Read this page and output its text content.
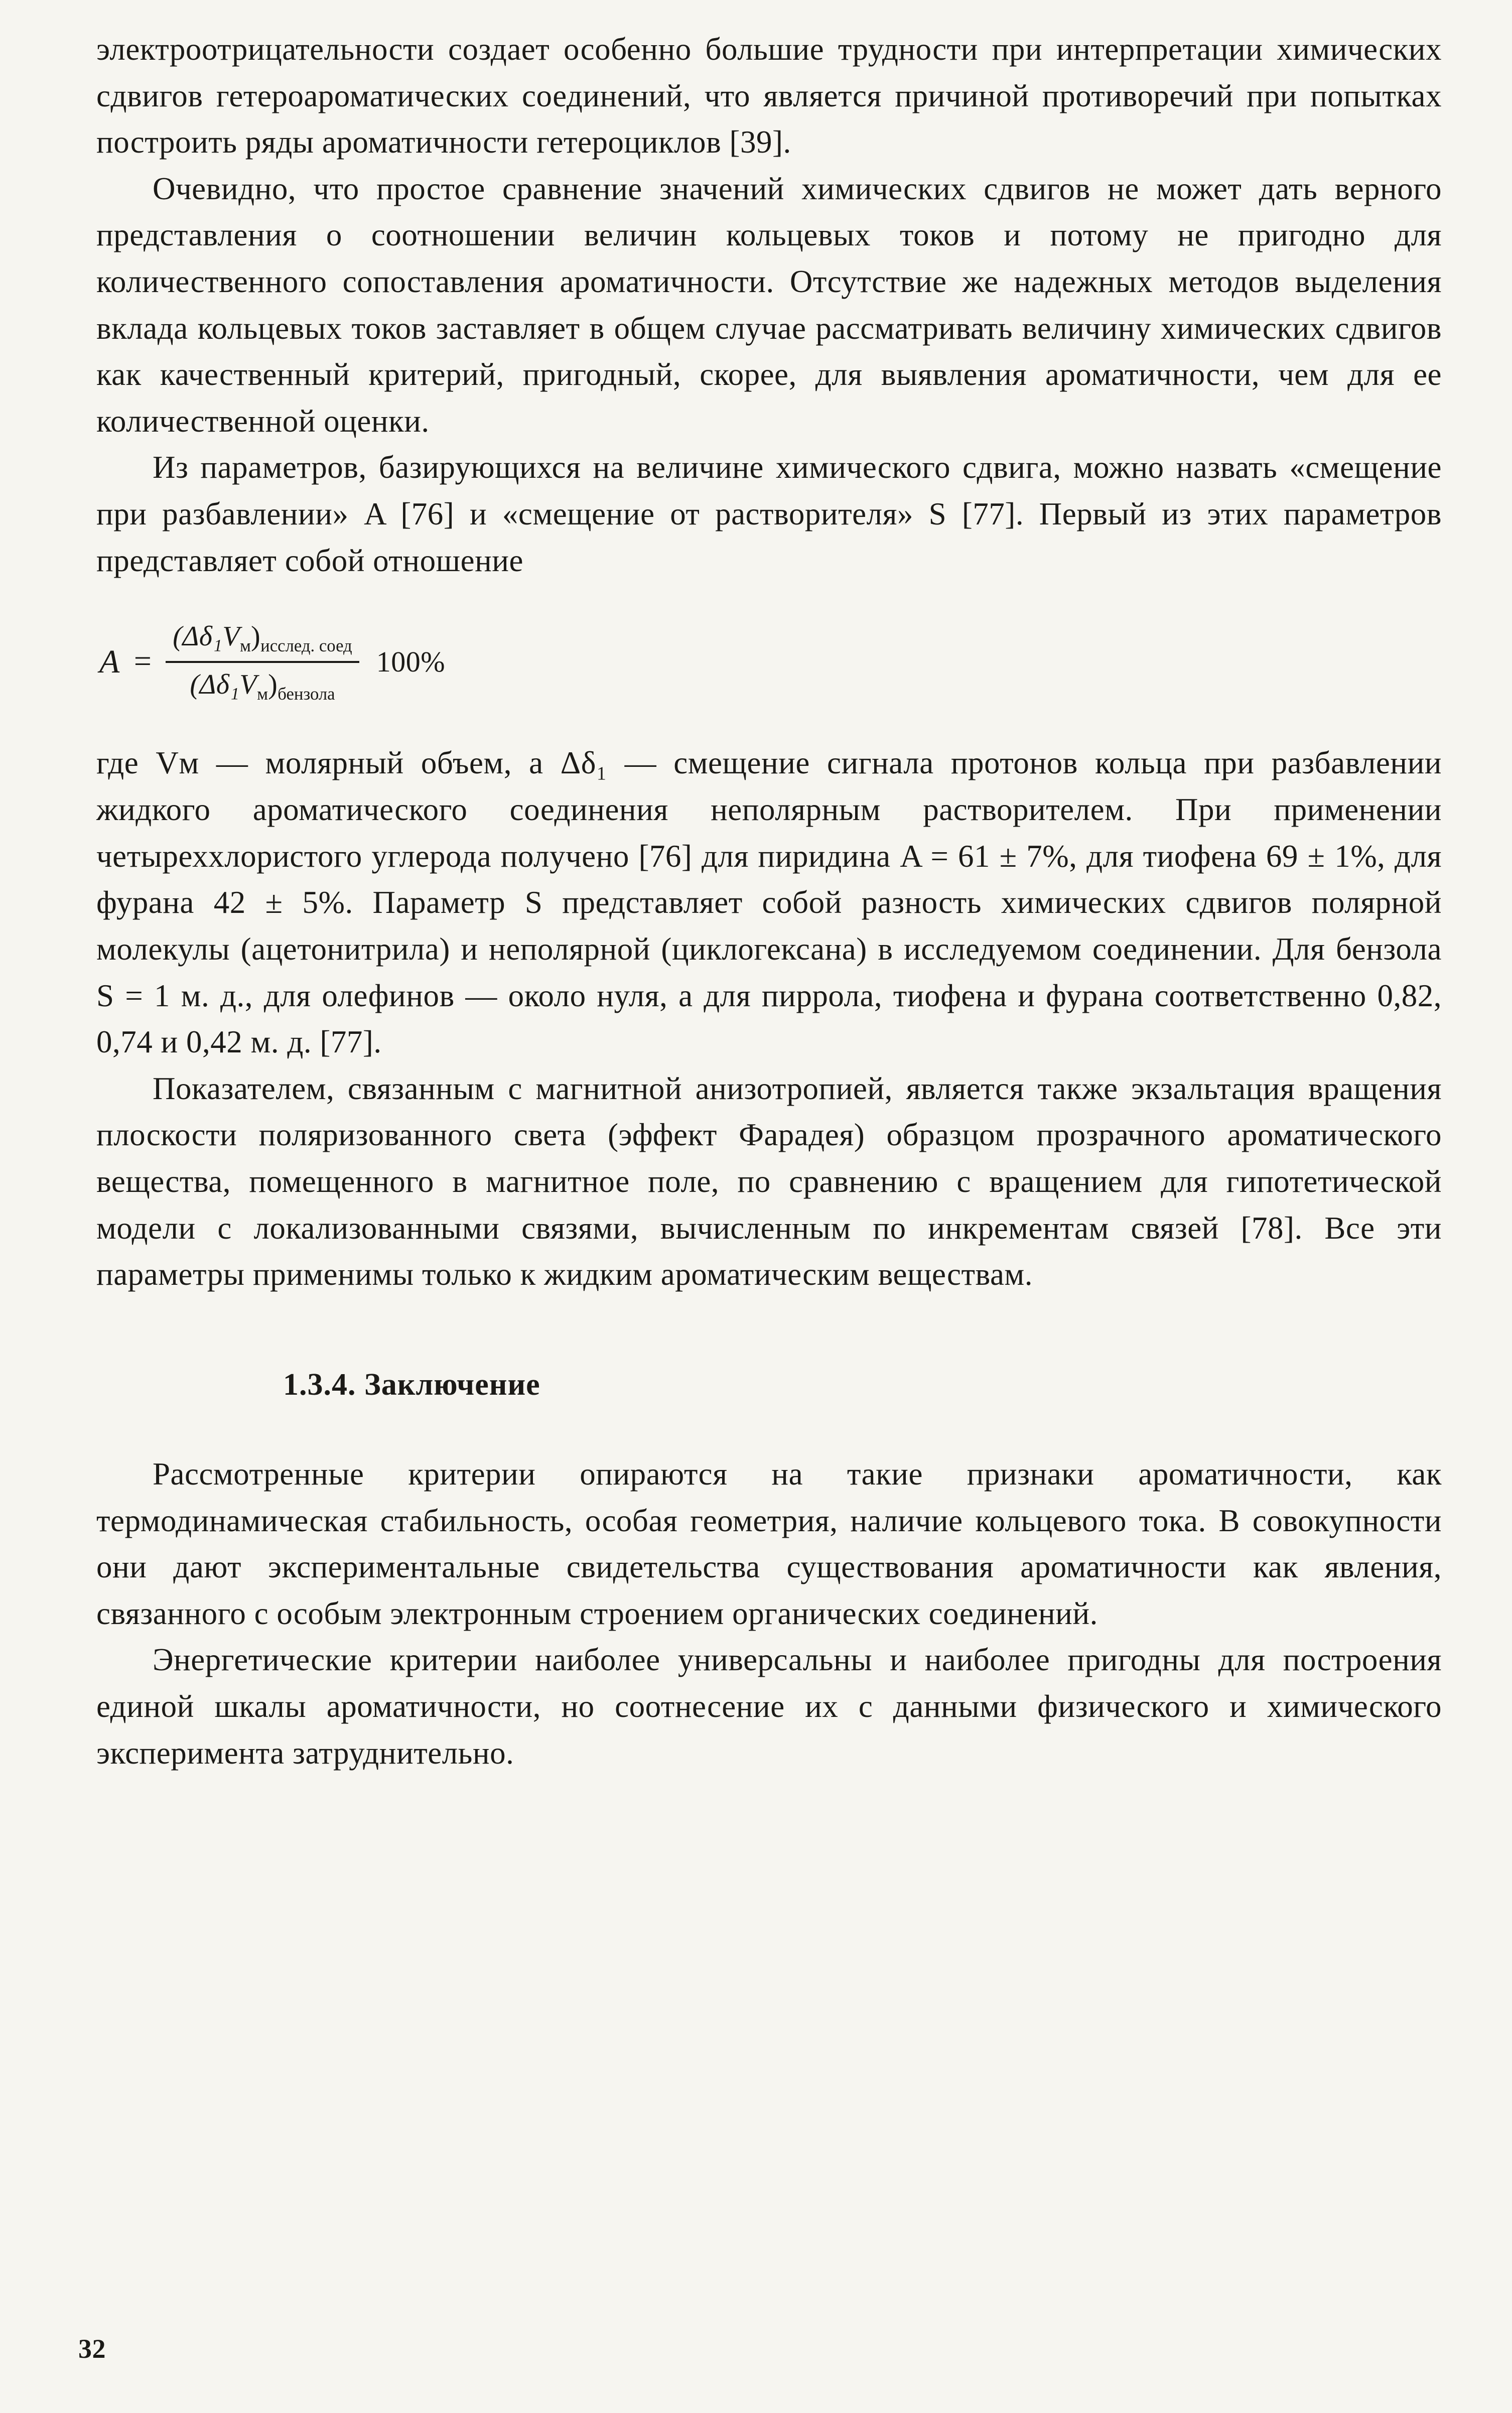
электроотрицательности создает особенно большие трудности при интерпретации химических сдвигов гетероароматических соединений, что является причиной противоречий при попытках построить ряды ароматичности гетероциклов [39].

Очевидно, что простое сравнение значений химических сдвигов не может дать верного представления о соотношении величин кольцевых токов и потому не пригодно для количественного сопоставления ароматичности. Отсутствие же надежных методов выделения вклада кольцевых токов заставляет в общем случае рассматривать величину химических сдвигов как качественный критерий, пригодный, скорее, для выявления ароматичности, чем для ее количественной оценки.

Из параметров, базирующихся на величине химического сдвига, можно назвать «смещение при разбавлении» A [76] и «смещение от растворителя» S [77]. Первый из этих параметров представляет собой отношение

$A = \frac{(\Delta\delta_1V_м)_{исслед. соед}}{(\Delta\delta_1V_м)_{бензола}} 100\%$

где Vм — молярный объем, а Δδ₁ — смещение сигнала протонов кольца при разбавлении жидкого ароматического соединения неполярным растворителем. При применении четыреххлористого углерода получено [76] для пиридина A = 61 ± 7%, для тиофена 69 ± 1%, для фурана 42 ± 5%. Параметр S представляет собой разность химических сдвигов полярной молекулы (ацетонитрила) и неполярной (циклогексана) в исследуемом соединении. Для бензола S = 1 м. д., для олефинов — около нуля, а для пиррола, тиофена и фурана соответственно 0,82, 0,74 и 0,42 м. д. [77].

Показателем, связанным с магнитной анизотропией, является также экзальтация вращения плоскости поляризованного света (эффект Фарадея) образцом прозрачного ароматического вещества, помещенного в магнитное поле, по сравнению с вращением для гипотетической модели с локализованными связями, вычисленным по инкрементам связей [78]. Все эти параметры применимы только к жидким ароматическим веществам.

1.3.4. Заключение

Рассмотренные критерии опираются на такие признаки ароматичности, как термодинамическая стабильность, особая геометрия, наличие кольцевого тока. В совокупности они дают экспериментальные свидетельства существования ароматичности как явления, связанного с особым электронным строением органических соединений.

Энергетические критерии наиболее универсальны и наиболее пригодны для построения единой шкалы ароматичности, но соотнесение их с данными физического и химического эксперимента затруднительно.

32
